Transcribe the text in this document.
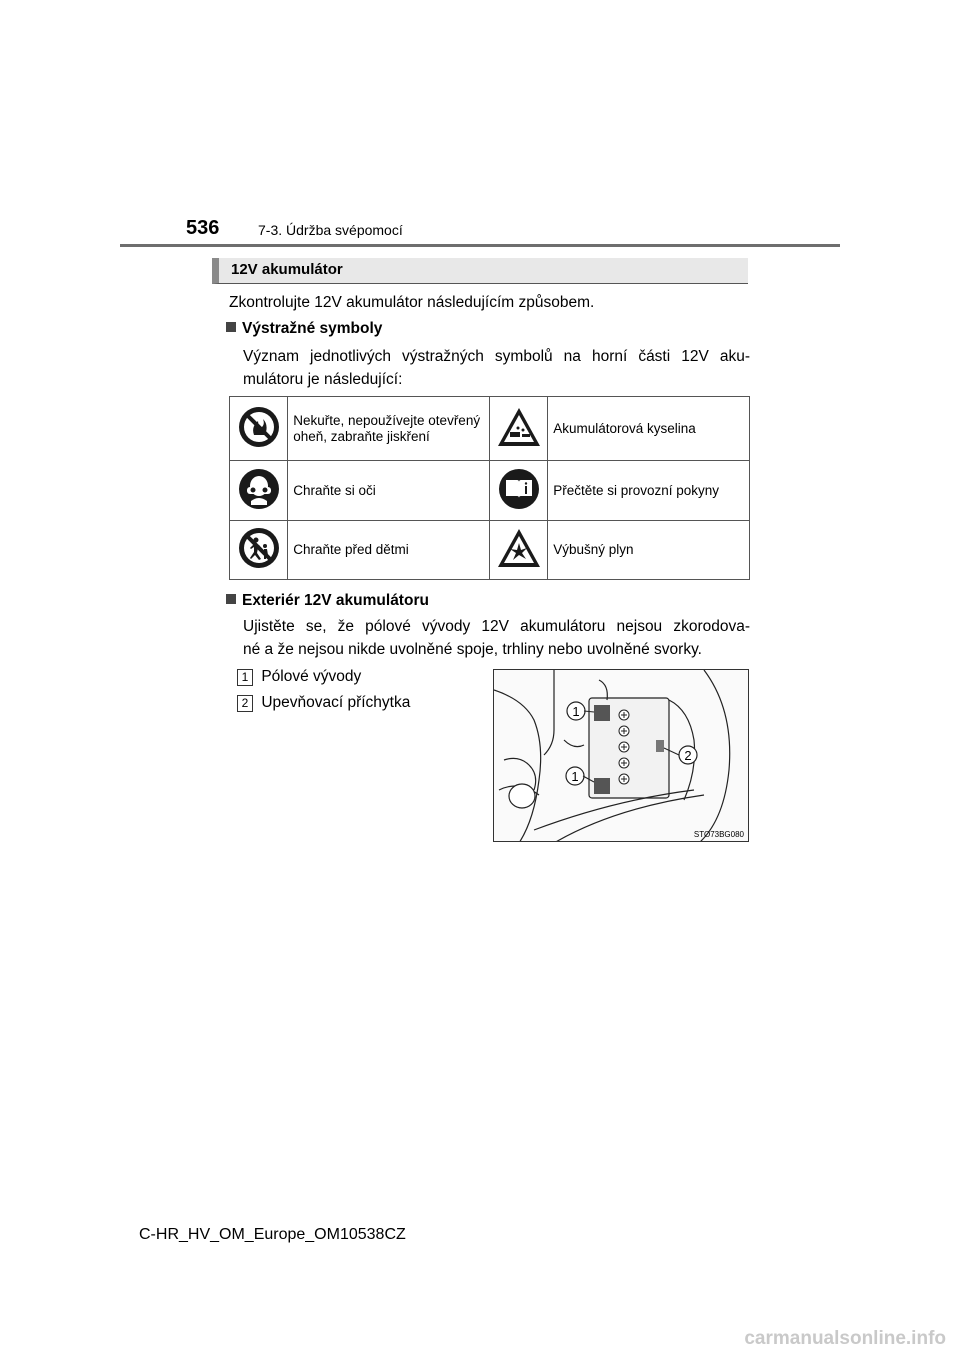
536	7-3. Údržba svépomocí
12V akumulátor
Zkontrolujte 12V akumulátor následujícím způsobem.
Výstražné symboly
Význam jednotlivých výstražných symbolů na horní části 12V aku-
mulátoru je následující:
	Nekuřte, nepoužívejte otevřený oheň, zabraňte jiskření		Akumulátorová kyselina
	Chraňte si oči		Přečtěte si provozní pokyny
	Chraňte před dětmi		Výbušný plyn
Exteriér 12V akumulátoru
Ujistěte se, že pólové vývody 12V akumulátoru nejsou zkorodova-
né a že nejsou nikde uvolněné spoje, trhliny nebo uvolněné svorky.
1 Pólové vývody
2 Upevňovací příchytka
1
1
2
STO73BG080
C-HR_HV_OM_Europe_OM10538CZ
carmanualsonline.info
